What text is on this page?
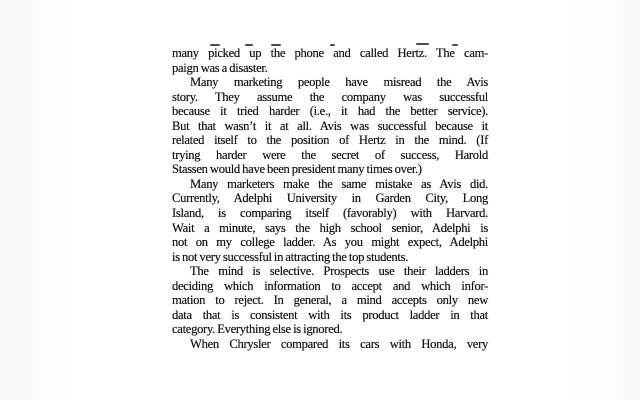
many picked up the phone and called Hertz. The cam-
paign was a disaster.
Many marketing people have misread the Avis
story. They assume the company was successful
because it tried harder (i.e., it had the better service).
But that wasn’t it at all. Avis was successful because it
related itself to the position of Hertz in the mind. (If
trying harder were the secret of success, Harold
Stassen would have been president many times over.)
Many marketers make the same mistake as Avis did.
Currently, Adelphi University in Garden City, Long
Island, is comparing itself (favorably) with Harvard.
Wait a minute, says the high school senior, Adelphi is
not on my college ladder. As you might expect, Adelphi
is not very successful in attracting the top students.
The mind is selective. Prospects use their ladders in
deciding which information to accept and which infor-
mation to reject. In general, a mind accepts only new
data that is consistent with its product ladder in that
category. Everything else is ignored.
When Chrysler compared its cars with Honda, very
